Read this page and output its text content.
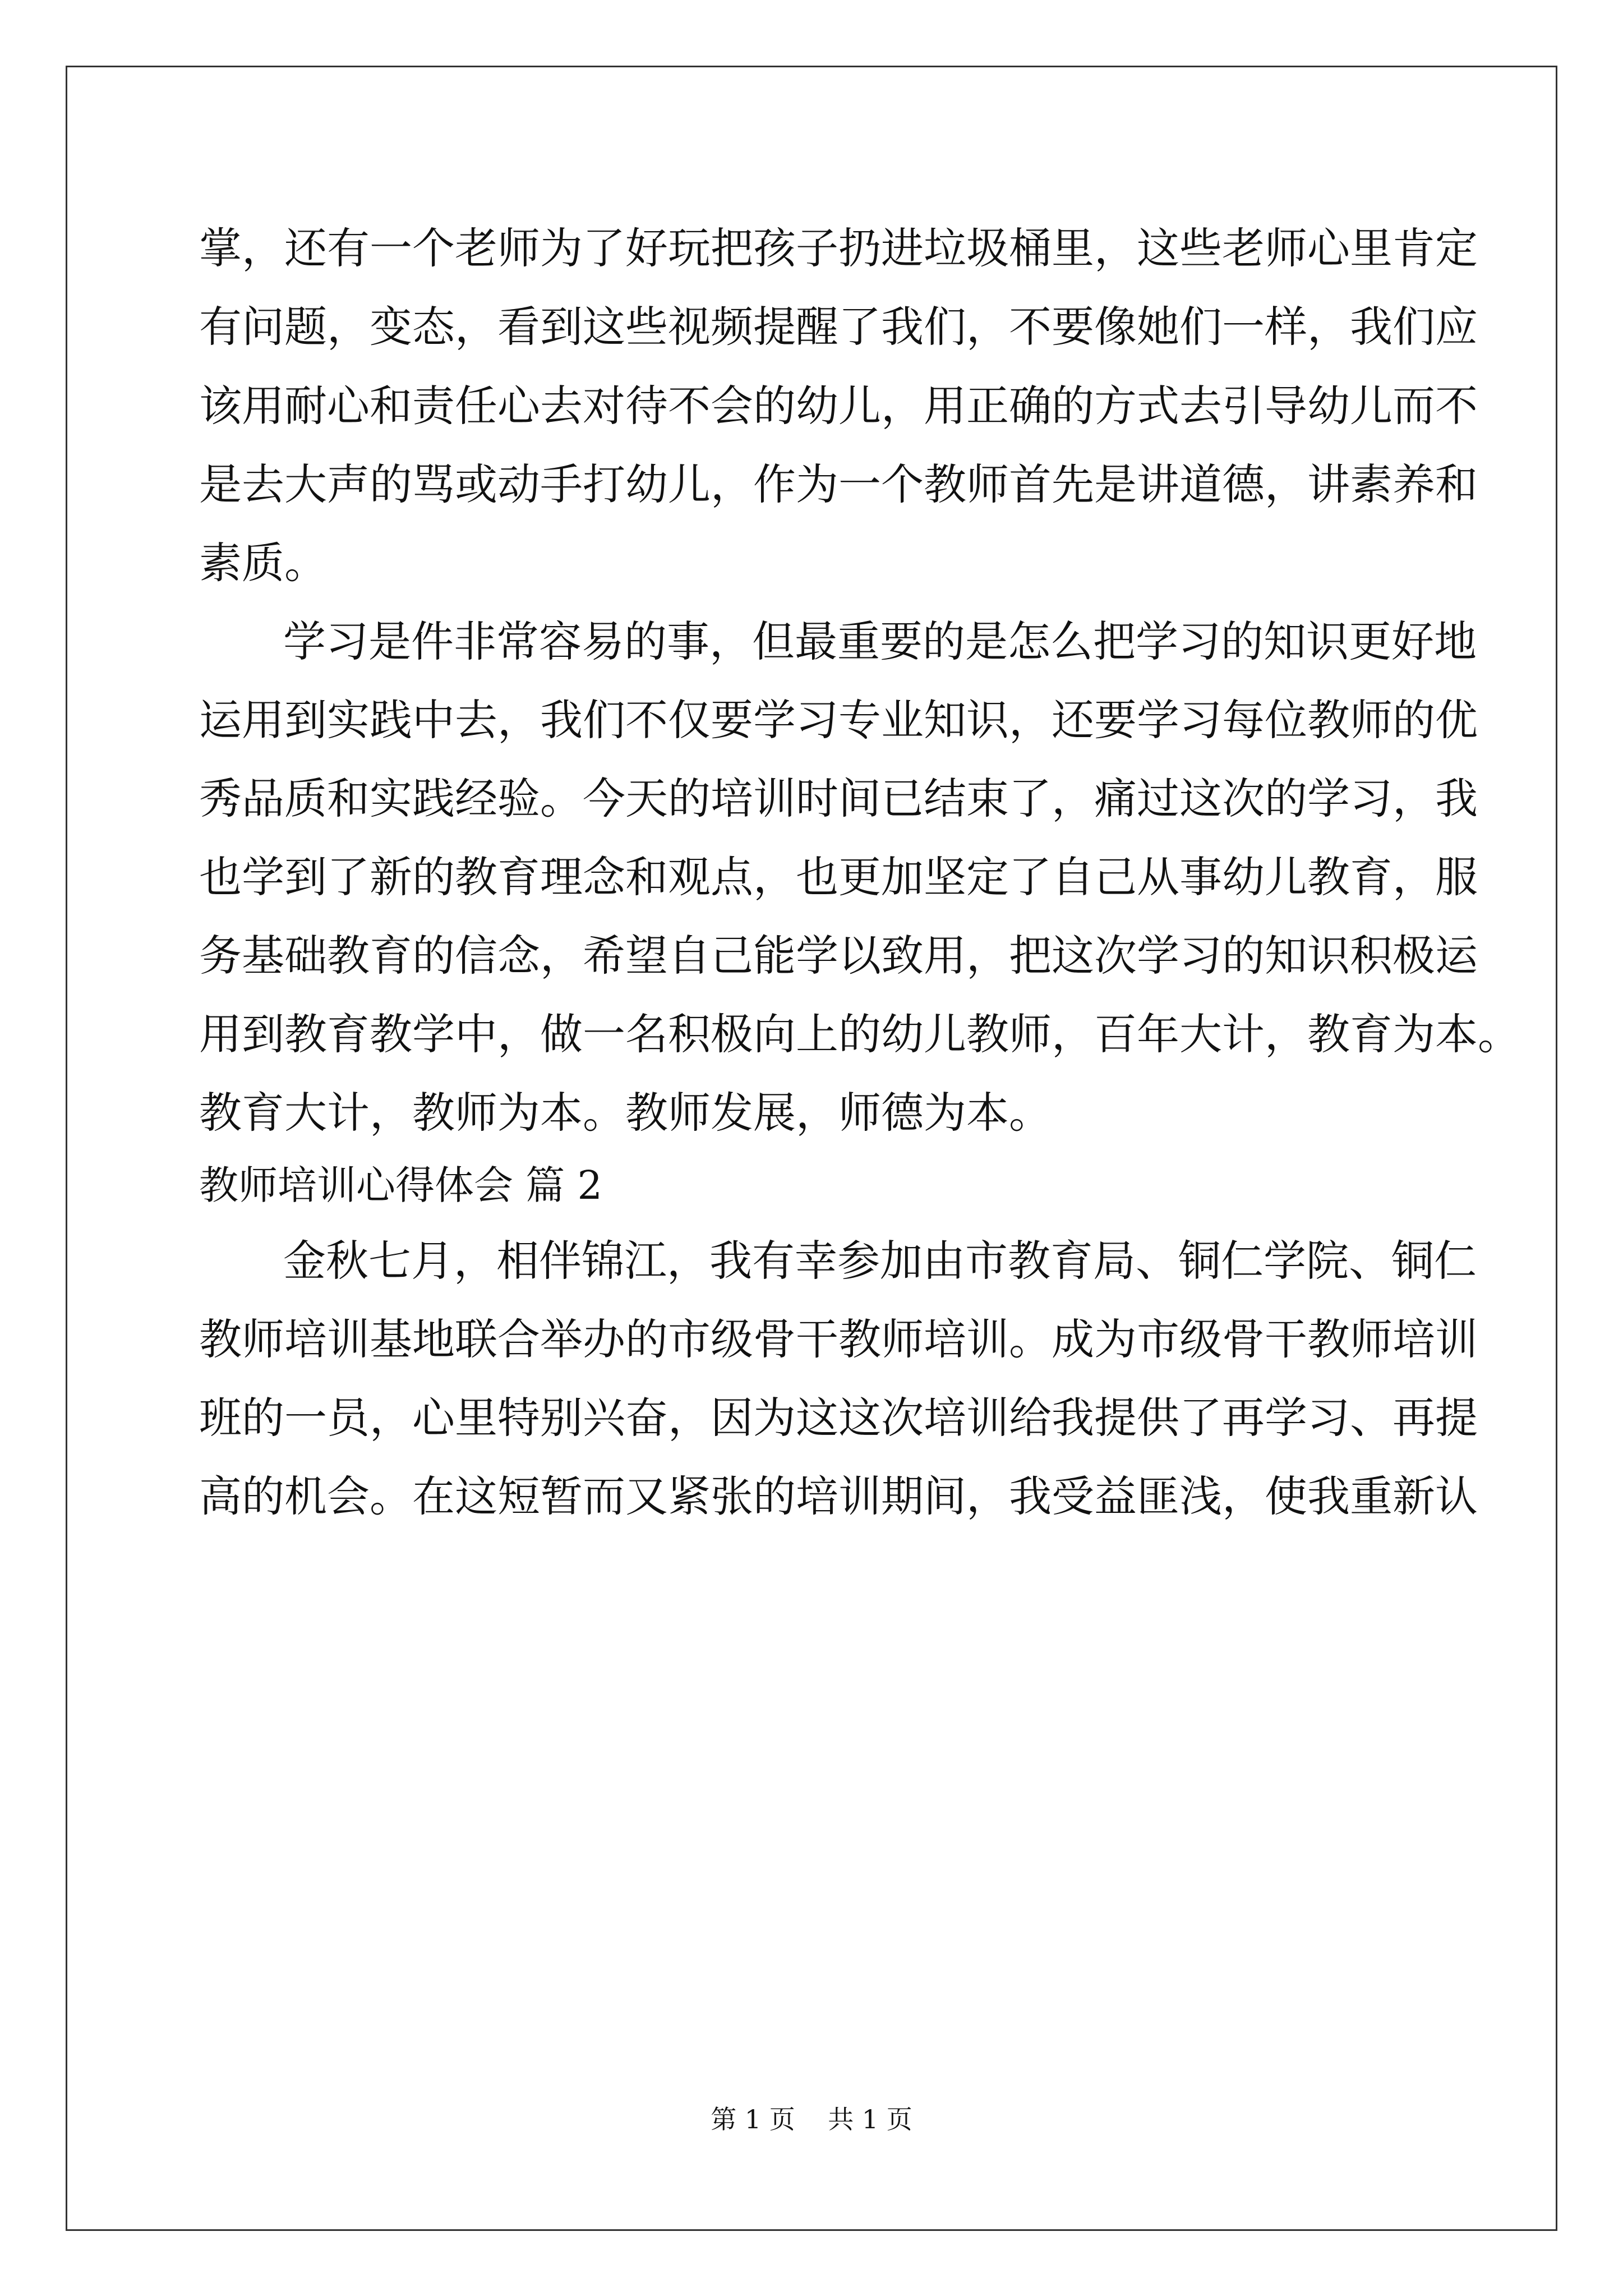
掌，还有一个老师为了好玩把孩子扔进垃圾桶里，这些老师心里肯定
有问题，变态，看到这些视频提醒了我们，不要像她们一样，我们应
该用耐心和责任心去对待不会的幼儿，用正确的方式去引导幼儿而不
是去大声的骂或动手打幼儿，作为一个教师首先是讲道德，讲素养和
素质。
学习是件非常容易的事，但最重要的是怎么把学习的知识更好地
运用到实践中去，我们不仅要学习专业知识，还要学习每位教师的优
秀品质和实践经验。今天的培训时间已结束了，痛过这次的学习，我
也学到了新的教育理念和观点，也更加坚定了自己从事幼儿教育，服
务基础教育的信念，希望自己能学以致用，把这次学习的知识积极运
用到教育教学中，做一名积极向上的幼儿教师，百年大计，教育为本。
教育大计，教师为本。教师发展，师德为本。
教师培训心得体会 篇 2
金秋七月，相伴锦江，我有幸参加由市教育局、铜仁学院、铜仁
教师培训基地联合举办的市级骨干教师培训。成为市级骨干教师培训
班的一员，心里特别兴奋，因为这这次培训给我提供了再学习、再提
高的机会。在这短暂而又紧张的培训期间，我受益匪浅，使我重新认
第 1 页    共 1 页
